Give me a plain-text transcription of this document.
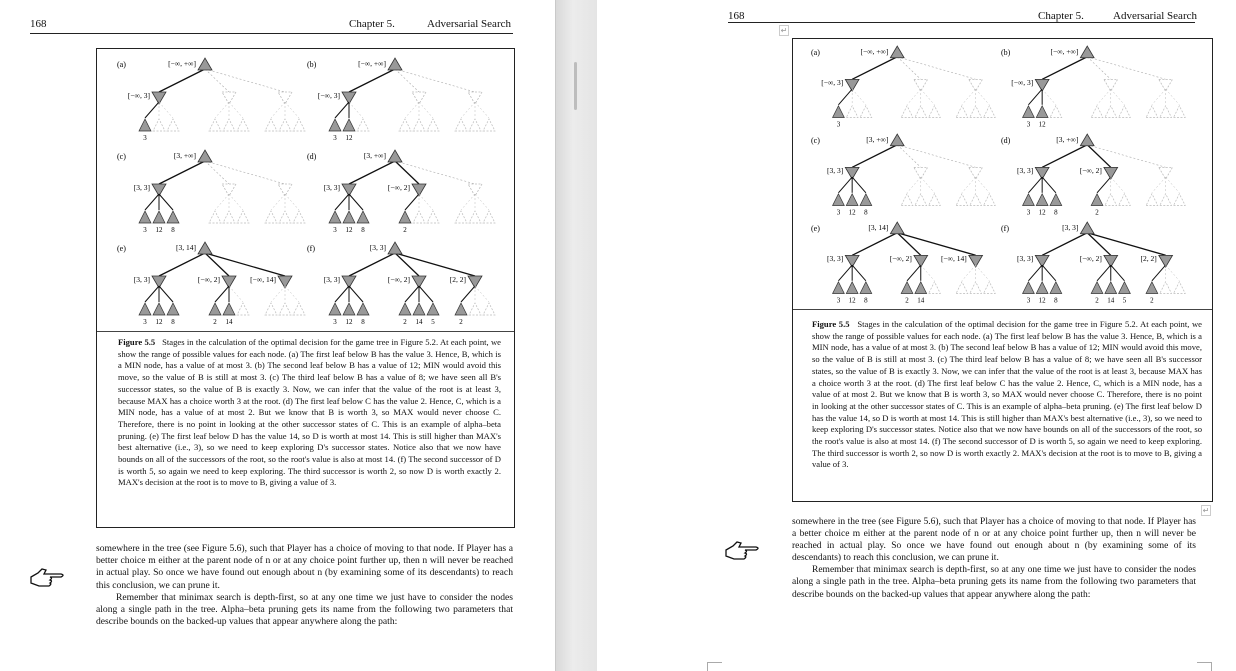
168	Chapter 5.	Adversarial Search
(a)	[−∞, +∞]
[−∞, 3]
3
(b)	[−∞, +∞]
[−∞, 3]
3 12
(c)	[3, +∞]
[3, 3]
3 12 8
(d)	[3, +∞]
[3, 3]
3 12 8
[−∞, 2]
2
(e)	[3, 14]
[3, 3]
3 12 8
[−∞, 2]
2 14
[−∞, 14]
(f)	[3, 3]
[3, 3]
3 12 8
[−∞, 2]
2 14 5
[2, 2]
2
Figure 5.5 Stages in the calculation of the optimal decision for the game tree in Figure 5.2. At each point, we show the range of possible values for each node. (a) The first leaf below B has the value 3. Hence, B, which is a MIN node, has a value of at most 3. (b) The second leaf below B has a value of 12; MIN would avoid this move, so the value of B is still at most 3. (c) The third leaf below B has a value of 8; we have seen all B's successor states, so the value of B is exactly 3. Now, we can infer that the value of the root is at least 3, because MAX has a choice worth 3 at the root. (d) The first leaf below C has the value 2. Hence, C, which is a MIN node, has a value of at most 2. But we know that B is worth 3, so MAX would never choose C. Therefore, there is no point in looking at the other successor states of C. This is an example of alpha–beta pruning. (e) The first leaf below D has the value 14, so D is worth at most 14. This is still higher than MAX's best alternative (i.e., 3), so we need to keep exploring D's successor states. Notice also that we now have bounds on all of the successors of the root, so the root's value is also at most 14. (f) The second successor of D is worth 5, so again we need to keep exploring. The third successor is worth 2, so now D is worth exactly 2. MAX's decision at the root is to move to B, giving a value of 3.

somewhere in the tree (see Figure 5.6), such that Player has a choice of moving to that node. If Player has a better choice m either at the parent node of n or at any choice point further up, then n will never be reached in actual play. So once we have found out enough about n (by examining some of its descendants) to reach this conclusion, we can prune it.

Remember that minimax search is depth-first, so at any one time we just have to consider the nodes along a single path in the tree. Alpha–beta pruning gets its name from the following two parameters that describe bounds on the backed-up values that appear anywhere along the path:

168	Chapter 5.	Adversarial Search
↵
(a)	[−∞, +∞]
[−∞, 3]
3
(b)	[−∞, +∞]
[−∞, 3]
3 12
(c)	[3, +∞]
[3, 3]
3 12 8
(d)	[3, +∞]
[3, 3]
3 12 8
[−∞, 2]
2
(e)	[3, 14]
[3, 3]
3 12 8
[−∞, 2]
2 14
[−∞, 14]
(f)	[3, 3]
[3, 3]
3 12 8
[−∞, 2]
2 14 5
[2, 2]
2
Figure 5.5 Stages in the calculation of the optimal decision for the game tree in Figure 5.2. At each point, we show the range of possible values for each node. (a) The first leaf below B has the value 3. Hence, B, which is a MIN node, has a value of at most 3. (b) The second leaf below B has a value of 12; MIN would avoid this move, so the value of B is still at most 3. (c) The third leaf below B has a value of 8; we have seen all B's successor states, so the value of B is exactly 3. Now, we can infer that the value of the root is at least 3, because MAX has a choice worth 3 at the root. (d) The first leaf below C has the value 2. Hence, C, which is a MIN node, has a value of at most 2. But we know that B is worth 3, so MAX would never choose C. Therefore, there is no point in looking at the other successor states of C. This is an example of alpha–beta pruning. (e) The first leaf below D has the value 14, so D is worth at most 14. This is still higher than MAX's best alternative (i.e., 3), so we need to keep exploring D's successor states. Notice also that we now have bounds on all of the successors of the root, so the root's value is also at most 14. (f) The second successor of D is worth 5, so again we need to keep exploring. The third successor is worth 2, so now D is worth exactly 2. MAX's decision at the root is to move to B, giving a value of 3.
↵

somewhere in the tree (see Figure 5.6), such that Player has a choice of moving to that node. If Player has a better choice m either at the parent node of n or at any choice point further up, then n will never be reached in actual play. So once we have found out enough about n (by examining some of its descendants) to reach this conclusion, we can prune it.

Remember that minimax search is depth-first, so at any one time we just have to consider the nodes along a single path in the tree. Alpha–beta pruning gets its name from the following two parameters that describe bounds on the backed-up values that appear anywhere along the path:
